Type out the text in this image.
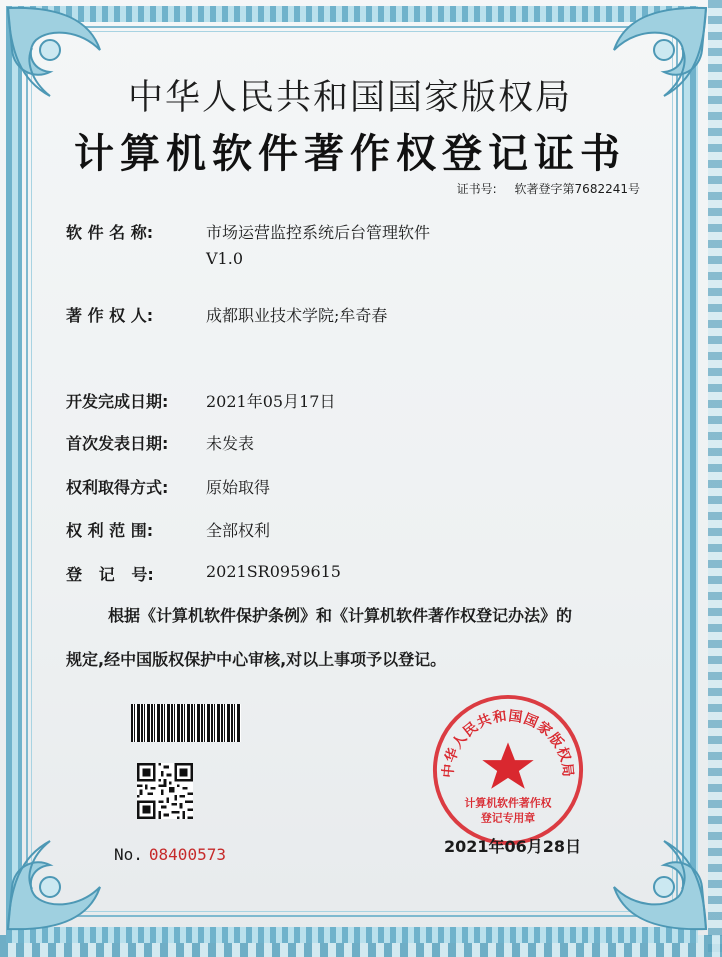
中华人民共和国国家版权局
计算机软件著作权登记证书
证书号: 软著登字第7682241号
软 件 名 称:	市场运营监控系统后台管理软件
V1.0
著 作 权 人:	成都职业技术学院;牟奇春
开发完成日期:	2021年05月17日
首次发表日期:	未发表
权利取得方式:	原始取得
权 利 范 围:	全部权利
登   记   号:	2021SR0959615
根据《计算机软件保护条例》和《计算机软件著作权登记办法》的
规定,经中国版权保护中心审核,对以上事项予以登记。
No. 08400573
中华人民共和国国家版权局
计算机软件著作权
登记专用章
2021年06月28日
